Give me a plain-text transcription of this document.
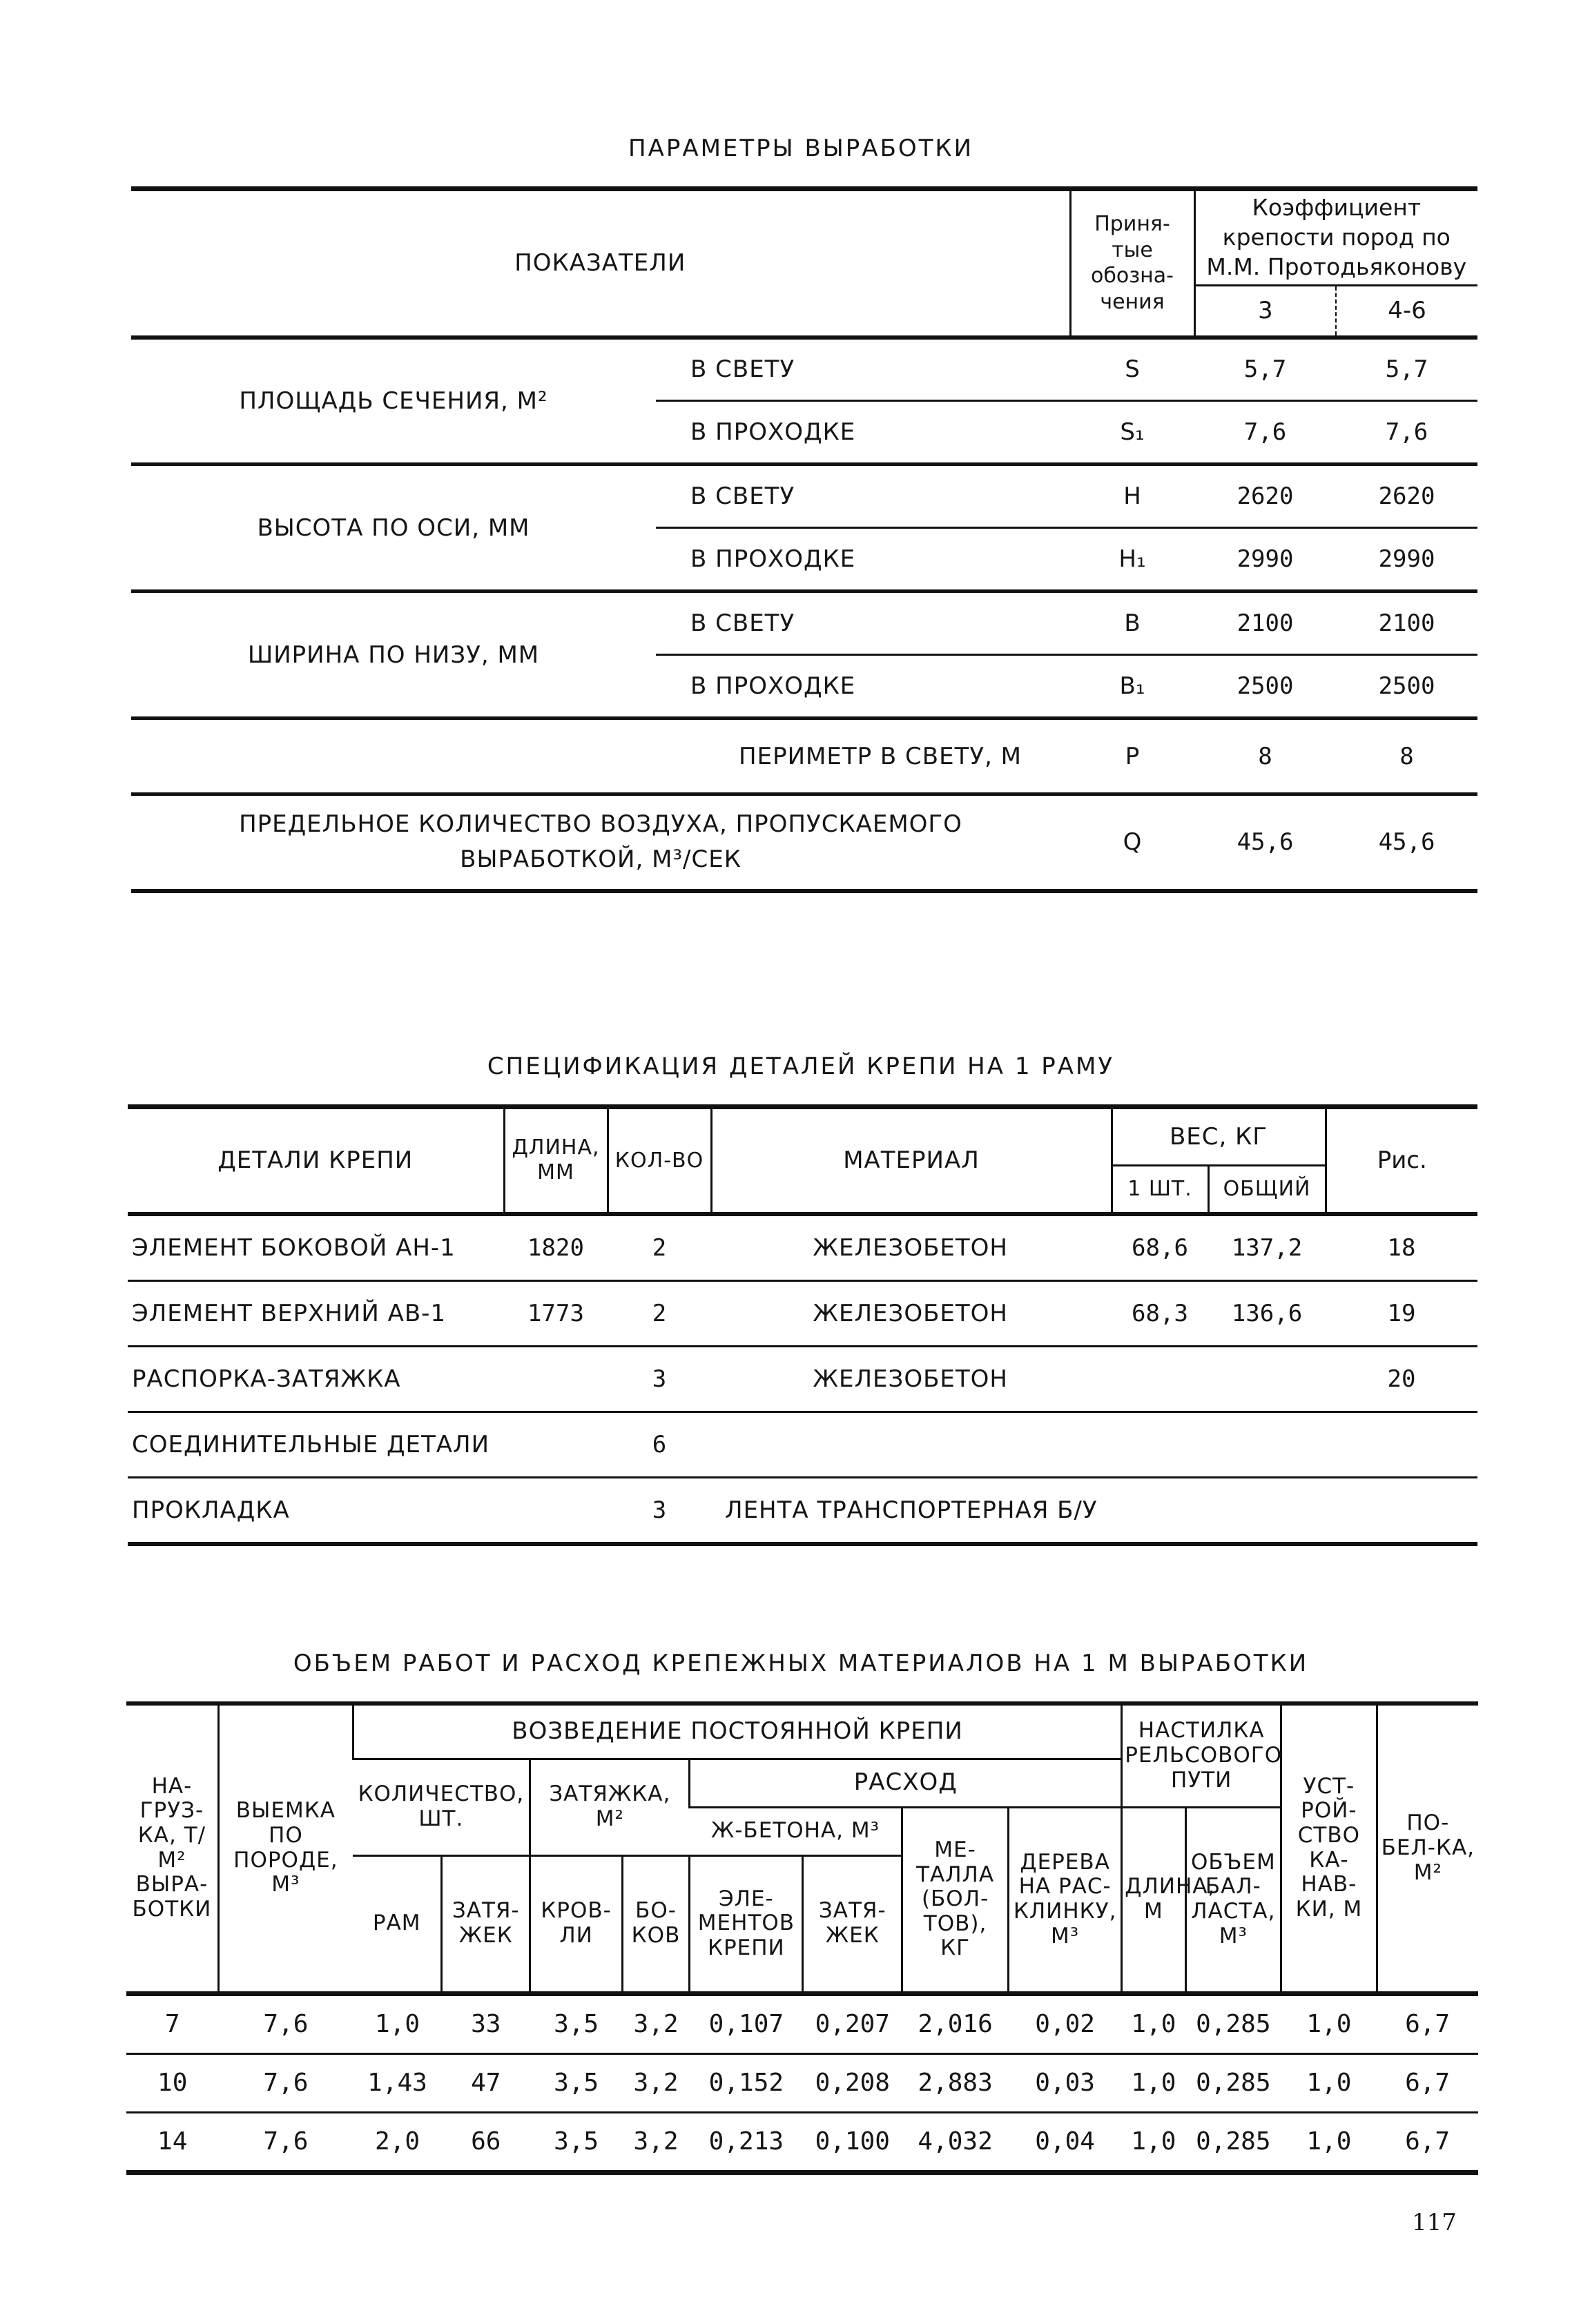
ПАРАМЕТРЫ ВЫРАБОТКИ
ПОКАЗАТЕЛИ		Приня-тые обозна-чения	Коэффициент крепости пород по М.М. Протодьяконову	
			3	4-6
ПЛОЩАДЬ СЕЧЕНИЯ, М²	В СВЕТУ	S	5,7	5,7
	В ПРОХОДКЕ	S₁	7,6	7,6
ВЫСОТА ПО ОСИ, ММ	В СВЕТУ	H	2620	2620
	В ПРОХОДКЕ	H₁	2990	2990
ШИРИНА ПО НИЗУ, ММ	В СВЕТУ	B	2100	2100
	В ПРОХОДКЕ	B₁	2500	2500
ПЕРИМЕТР В СВЕТУ, М		P	8	8
ПРЕДЕЛЬНОЕ КОЛИЧЕСТВО ВОЗДУХА, ПРОПУСКАЕМОГО ВЫРАБОТКОЙ, М³/СЕК		Q	45,6	45,6
СПЕЦИФИКАЦИЯ ДЕТАЛЕЙ КРЕПИ НА 1 РАМУ
ДЕТАЛИ КРЕПИ	ДЛИНА, ММ	КОЛ-ВО	МАТЕРИАЛ	ВЕС, КГ		Рис.
				1 ШТ.	ОБЩИЙ	
ЭЛЕМЕНТ БОКОВОЙ АН-1	1820	2	ЖЕЛЕЗОБЕТОН	68,6	137,2	18
ЭЛЕМЕНТ ВЕРХНИЙ АВ-1	1773	2	ЖЕЛЕЗОБЕТОН	68,3	136,6	19
РАСПОРКА-ЗАТЯЖКА		3	ЖЕЛЕЗОБЕТОН			20
СОЕДИНИТЕЛЬНЫЕ ДЕТАЛИ		6				
ПРОКЛАДКА		3	ЛЕНТА ТРАНСПОРТЕРНАЯ Б/У			
ОБЪЕМ РАБОТ И РАСХОД КРЕПЕЖНЫХ МАТЕРИАЛОВ НА 1 М ВЫРАБОТКИ
НА-ГРУЗ-КА, Т/М² ВЫРА-БОТКИ	ВЫЕМКА ПО ПОРОДЕ, М³	ВОЗВЕДЕНИЕ ПОСТОЯННОЙ КРЕПИ								НАСТИЛКА РЕЛЬСОВОГО ПУТИ		УСТ-РОЙ-СТВО КА-НАВ-КИ, М	ПО-БЕЛ-КА, М²
		КОЛИЧЕСТВО, ШТ.		ЗАТЯЖКА, М²		РАСХОД							
						Ж-БЕТОНА, М³		МЕ-ТАЛЛА (БОЛ-ТОВ), КГ	ДЕРЕВА НА РАС-КЛИНКУ, М³	ДЛИНА, М	ОБЪЕМ БАЛ-ЛАСТА, М³		
		РАМ	ЗАТЯ-ЖЕК	КРОВ-ЛИ	БО-КОВ	ЭЛЕ-МЕНТОВ КРЕПИ	ЗАТЯ-ЖЕК						
7	7,6	1,0	33	3,5	3,2	0,107	0,207	2,016	0,02	1,0	0,285	1,0	6,7
10	7,6	1,43	47	3,5	3,2	0,152	0,208	2,883	0,03	1,0	0,285	1,0	6,7
14	7,6	2,0	66	3,5	3,2	0,213	0,100	4,032	0,04	1,0	0,285	1,0	6,7
117
